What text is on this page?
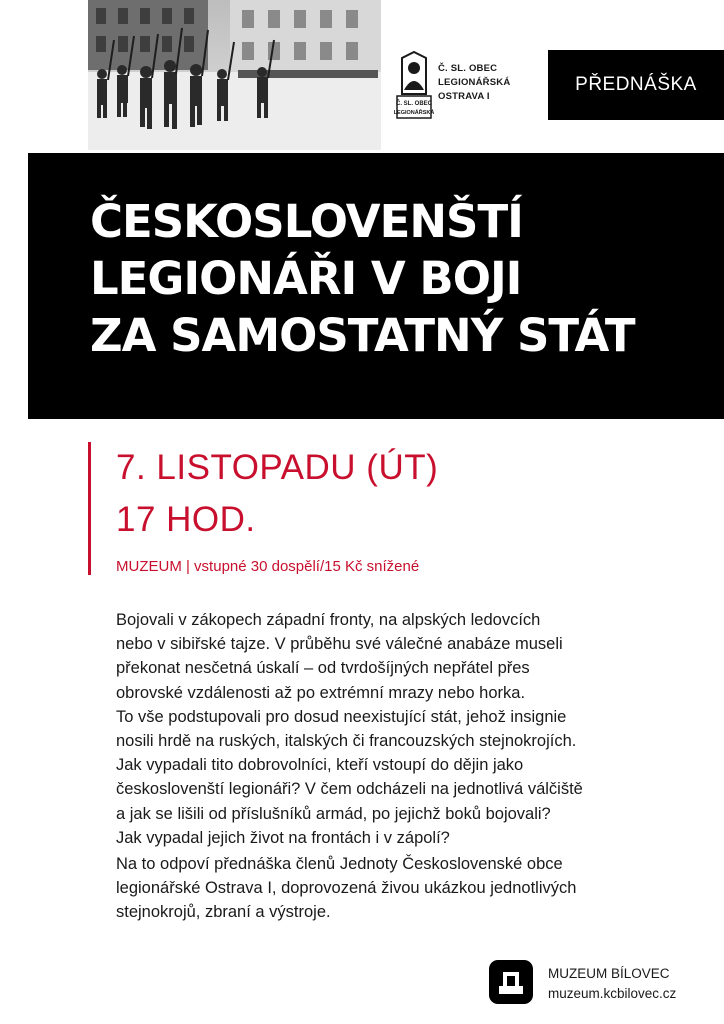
Č. SL. OBEC
LEGIONÁŘSKÁ
Č. SL. OBEC
LEGIONÁŘSKÁ
OSTRAVA I
PŘEDNÁŠKA
ČESKOSLOVENŠTÍ
LEGIONÁŘI V BOJI
ZA SAMOSTATNÝ STÁT
7. LISTOPADU (ÚT)
17 HOD.
MUZEUM | vstupné 30 dospělí/15 Kč snížené

Bojovali v zákopech západní fronty, na alpských ledovcích
nebo v sibiřské tajze. V průběhu své válečné anabáze museli
překonat nesčetná úskalí – od tvrdošíjných nepřátel přes
obrovské vzdálenosti až po extrémní mrazy nebo horka.
To vše podstupovali pro dosud neexistující stát, jehož insignie
nosili hrdě na ruských, italských či francouzských stejnokrojích.
Jak vypadali tito dobrovolníci, kteří vstoupí do dějin jako
českoslovenští legionáři? V čem odcházeli na jednotlivá válčiště
a jak se lišili od příslušníků armád, po jejichž boků bojovali?
Jak vypadal jejich život na frontách i v zápolí?

Na to odpoví přednáška členů Jednoty Československé obce
legionářské Ostrava I, doprovozená živou ukázkou jednotlivých
stejnokrojů, zbraní a výstroje.

MUZEUM BÍLOVEC
muzeum.kcbilovec.cz
